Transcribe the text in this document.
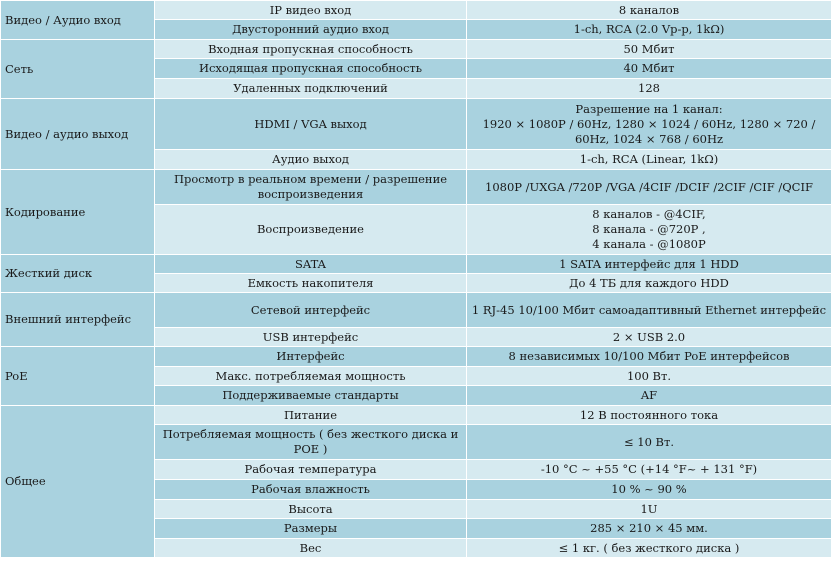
Видео / Аудио вход	IP видео вход	8 каналов
	Двусторонний аудио вход	1-ch, RCA (2.0 Vp-p, 1kΩ)
Сеть	Входная пропускная способность	50 Мбит
	Исходящая пропускная способность	40 Мбит
	Удаленных подключений	128
Видео / аудио выход	HDMI / VGA выход	Разрешение на 1 канал:
1920 × 1080P / 60Hz, 1280 × 1024 / 60Hz, 1280 × 720 / 60Hz, 1024 × 768 / 60Hz

	Аудио выход	1-ch, RCA (Linear, 1kΩ)
Кодирование	Просмотр в реальном времени / разрешение воспроизведения	1080P /UXGA /720P /VGA /4CIF /DCIF /2CIF /CIF /QCIF
	Воспроизведение	8 каналов - @4CIF,
8 канала - @720P ,
4 канала - @1080P

Жесткий диск	SATA	1 SATA интерфейс для 1 HDD
	Емкость накопителя	До 4 ТБ для каждого HDD
Внешний интерфейс	Сетевой интерфейс	1 RJ-45 10/100 Мбит самоадаптивный Ethernet интерфейс
	USB интерфейс	2 × USB 2.0
PoE	Интерфейс	8 независимых 10/100 Мбит PoE интерфейсов
	Макс. потребляемая мощность	100 Вт.
	Поддерживаемые стандарты	AF
Общее	Питание	12 В постоянного тока
	Потребляемая мощность ( без жесткого диска и POE )	≤ 10 Вт.
	Рабочая температура	-10 °C ~ +55 °C (+14 °F~ + 131 °F)
	Рабочая влажность	10 % ~ 90 %
	Высота	1U
	Размеры	285 × 210 × 45 мм.
	Вес	≤ 1 кг. ( без жесткого диска )
